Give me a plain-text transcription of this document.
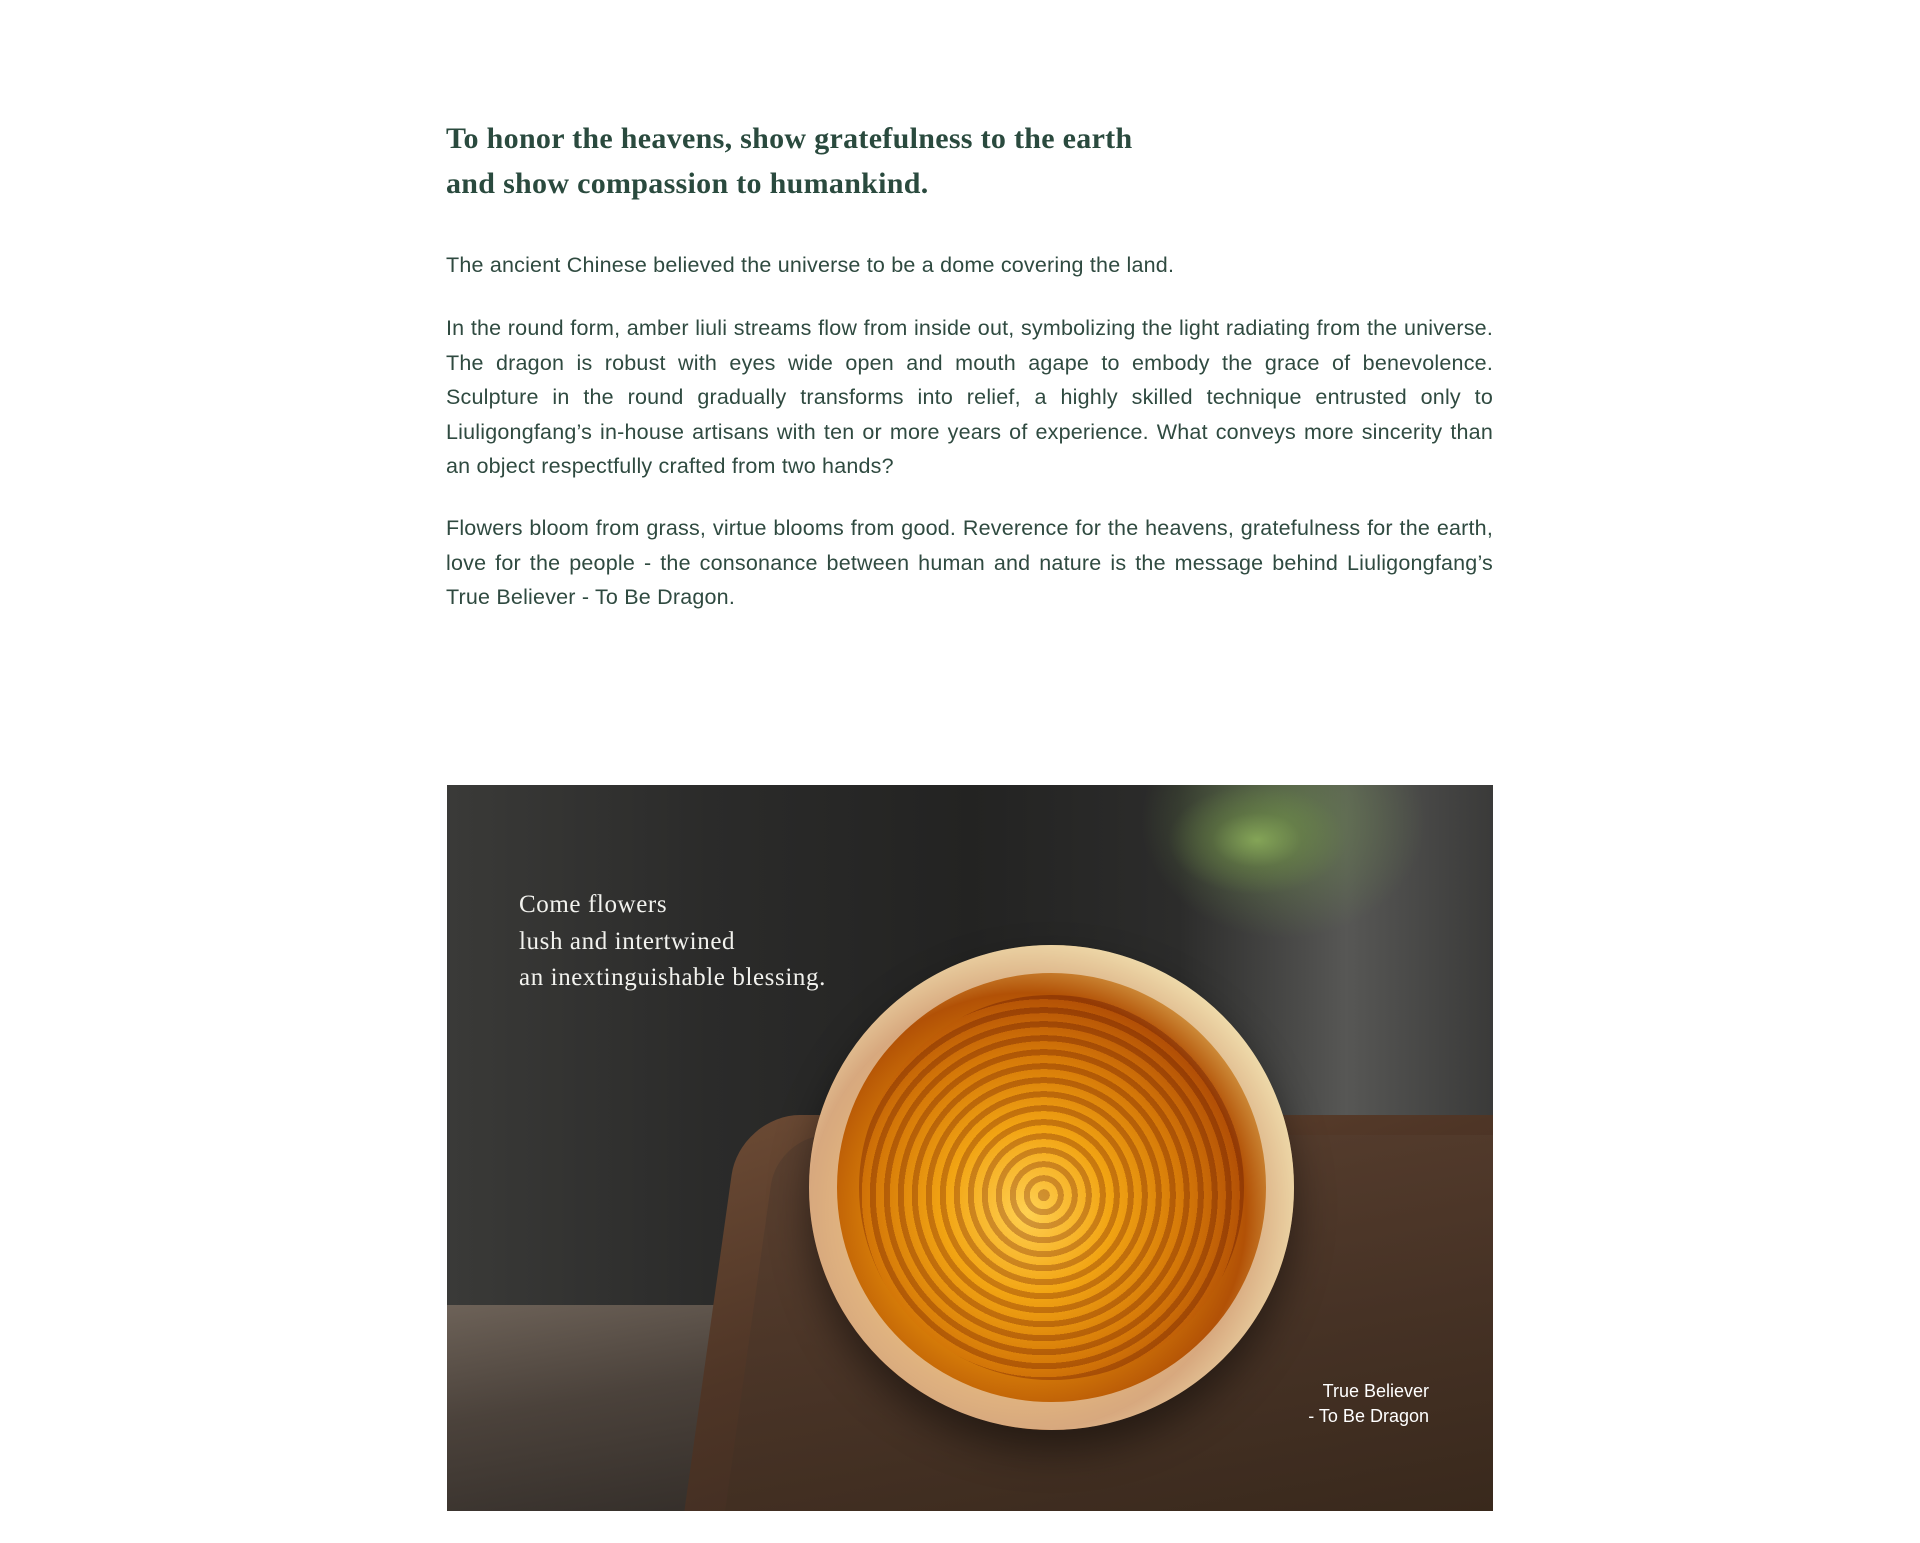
To honor the heavens, show gratefulness to the earth
and show compassion to humankind.

The ancient Chinese believed the universe to be a dome covering the land.

In the round form, amber liuli streams flow from inside out, symbolizing the light radiating from the universe. The dragon is robust with eyes wide open and mouth agape to embody the grace of benevolence. Sculpture in the round gradually transforms into relief, a highly skilled technique entrusted only to Liuligongfang’s in-house artisans with ten or more years of experience. What conveys more sincerity than an object respectfully crafted from two hands?

Flowers bloom from grass, virtue blooms from good. Reverence for the heavens, gratefulness for the earth, love for the people - the consonance between human and nature is the message behind Liuligongfang’s True Believer - To Be Dragon.

Come flowers
lush and intertwined
an inextinguishable blessing.

True Believer
- To Be Dragon
